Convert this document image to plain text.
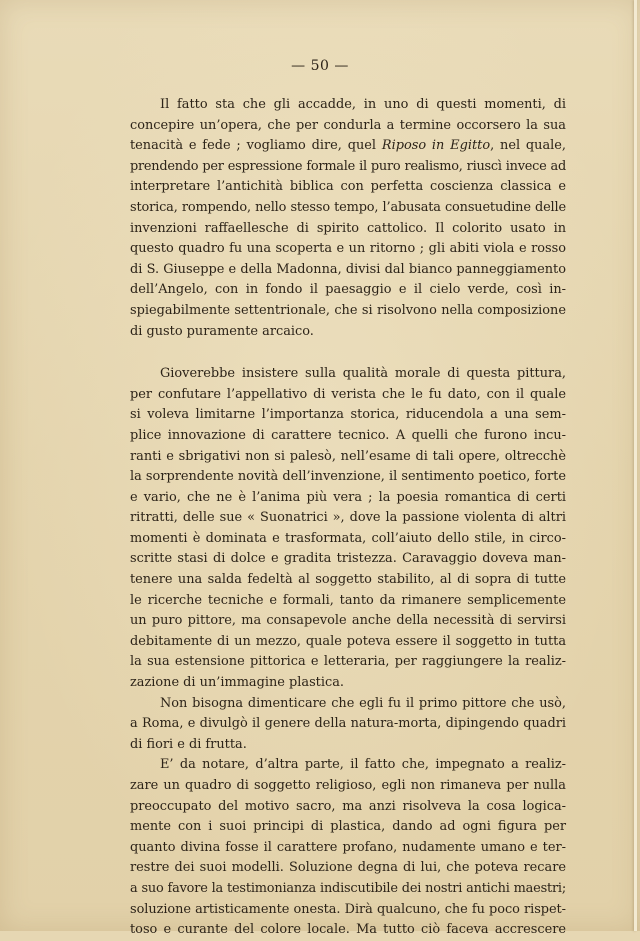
— 50 —
Il fatto sta che gli accadde, in uno di questi momenti, di
concepire un’opera, che per condurla a termine occorsero la sua
tenacità e fede ; vogliamo dire, quel Riposo in Egitto, nel quale,
prendendo per espressione formale il puro realismo, riuscì invece ad
interpretare l’antichità biblica con perfetta coscienza classica e
storica, rompendo, nello stesso tempo, l’abusata consuetudine delle
invenzioni raffaellesche di spirito cattolico. Il colorito usato in
questo quadro fu una scoperta e un ritorno ; gli abiti viola e rosso
di S. Giuseppe e della Madonna, divisi dal bianco panneggiamento
dell’Angelo, con in fondo il paesaggio e il cielo verde, così in-
spiegabilmente settentrionale, che si risolvono nella composizione
di gusto puramente arcaico.
Gioverebbe insistere sulla qualità morale di questa pittura,
per confutare l’appellativo di verista che le fu dato, con il quale
si voleva limitarne l’importanza storica, riducendola a una sem-
plice innovazione di carattere tecnico. A quelli che furono incu-
ranti e sbrigativi non si palesò, nell’esame di tali opere, oltrecchè
la sorprendente novità dell’invenzione, il sentimento poetico, forte
e vario, che ne è l’anima più vera ; la poesia romantica di certi
ritratti, delle sue « Suonatrici », dove la passione violenta di altri
momenti è dominata e trasformata, coll’aiuto dello stile, in circo-
scritte stasi di dolce e gradita tristezza. Caravaggio doveva man-
tenere una salda fedeltà al soggetto stabilito, al di sopra di tutte
le ricerche tecniche e formali, tanto da rimanere semplicemente
un puro pittore, ma consapevole anche della necessità di servirsi
debitamente di un mezzo, quale poteva essere il soggetto in tutta
la sua estensione pittorica e letteraria, per raggiungere la realiz-
zazione di un’immagine plastica.
Non bisogna dimenticare che egli fu il primo pittore che usò,
a Roma, e divulgò il genere della natura-morta, dipingendo quadri
di fiori e di frutta.
E’ da notare, d’altra parte, il fatto che, impegnato a realiz-
zare un quadro di soggetto religioso, egli non rimaneva per nulla
preoccupato del motivo sacro, ma anzi risolveva la cosa logica-
mente con i suoi principi di plastica, dando ad ogni figura per
quanto divina fosse il carattere profano, nudamente umano e ter-
restre dei suoi modelli. Soluzione degna di lui, che poteva recare
a suo favore la testimonianza indiscutibile dei nostri antichi maestri;
soluzione artisticamente onesta. Dirà qualcuno, che fu poco rispet-
toso e curante del colore locale. Ma tutto ciò faceva accrescere
